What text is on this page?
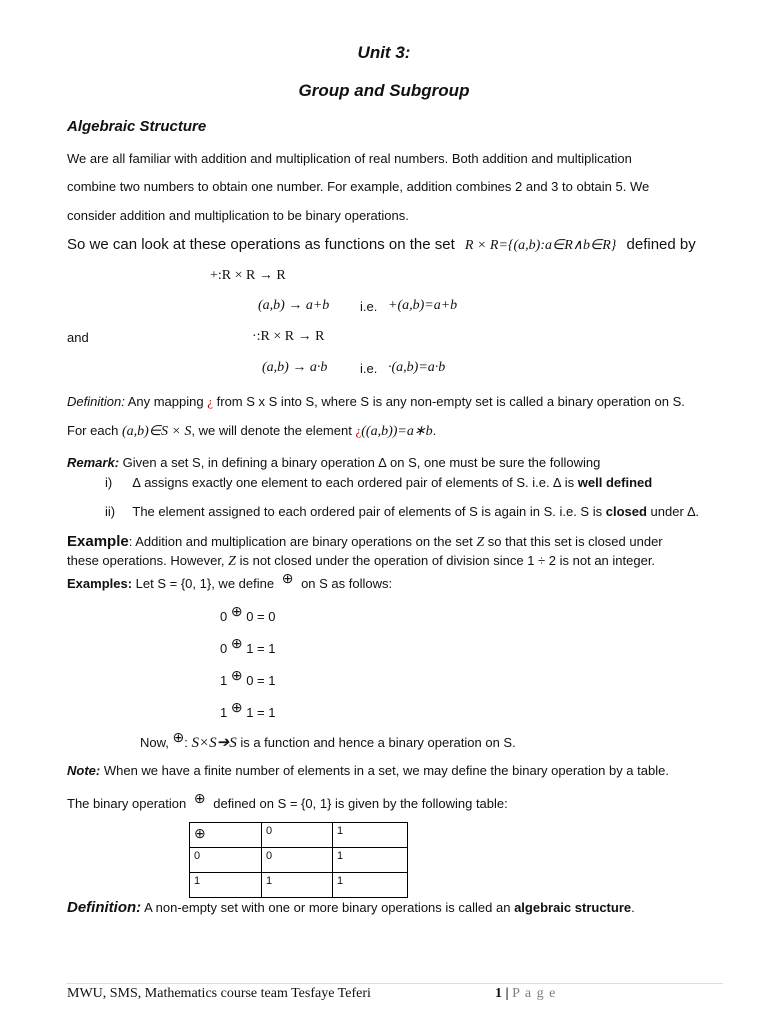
Unit 3:
Group and Subgroup
Algebraic Structure
We are all familiar with addition and multiplication of real numbers. Both addition and multiplication
combine two numbers to obtain one number. For example, addition combines 2 and 3 to obtain 5. We
consider addition and multiplication to be binary operations.
So we can look at these operations as functions on the set R × R={(a,b):a∈R∧b∈R} defined by
+:R × R → R
(a,b) → a+b i.e. +(a,b)=a+b
and	·:R × R → R
(a,b) → a·b	i.e. ·(a,b)=a·b
Definition: Any mapping ¿ from S x S into S, where S is any non-empty set is called a binary operation on S.
For each (a,b)∈S × S, we will denote the element ¿((a,b))=a∗b.
Remark: Given a set S, in defining a binary operation ∆ on S, one must be sure the following
i) ∆ assigns exactly one element to each ordered pair of elements of S. i.e. ∆ is well defined
ii) The element assigned to each ordered pair of elements of S is again in S. i.e. S is closed under ∆.
Example: Addition and multiplication are binary operations on the set Z so that this set is closed under
these operations. However, Z is not closed under the operation of division since 1 ÷ 2 is not an integer.
Examples: Let S = {0, 1}, we define ⊕ on S as follows:
0 ⊕ 0 = 0
0 ⊕ 1 = 1
1 ⊕ 0 = 1
1 ⊕ 1 = 1
Now, ⊕: S×S➔S is a function and hence a binary operation on S.
Note: When we have a finite number of elements in a set, we may define the binary operation by a table.
The binary operation ⊕ defined on S = {0, 1} is given by the following table:
⊕	0	1
0	0	1
1	1	1
Definition: A non-empty set with one or more binary operations is called an algebraic structure.
MWU, SMS, Mathematics course team Tesfaye Teferi	1 | P a g e
